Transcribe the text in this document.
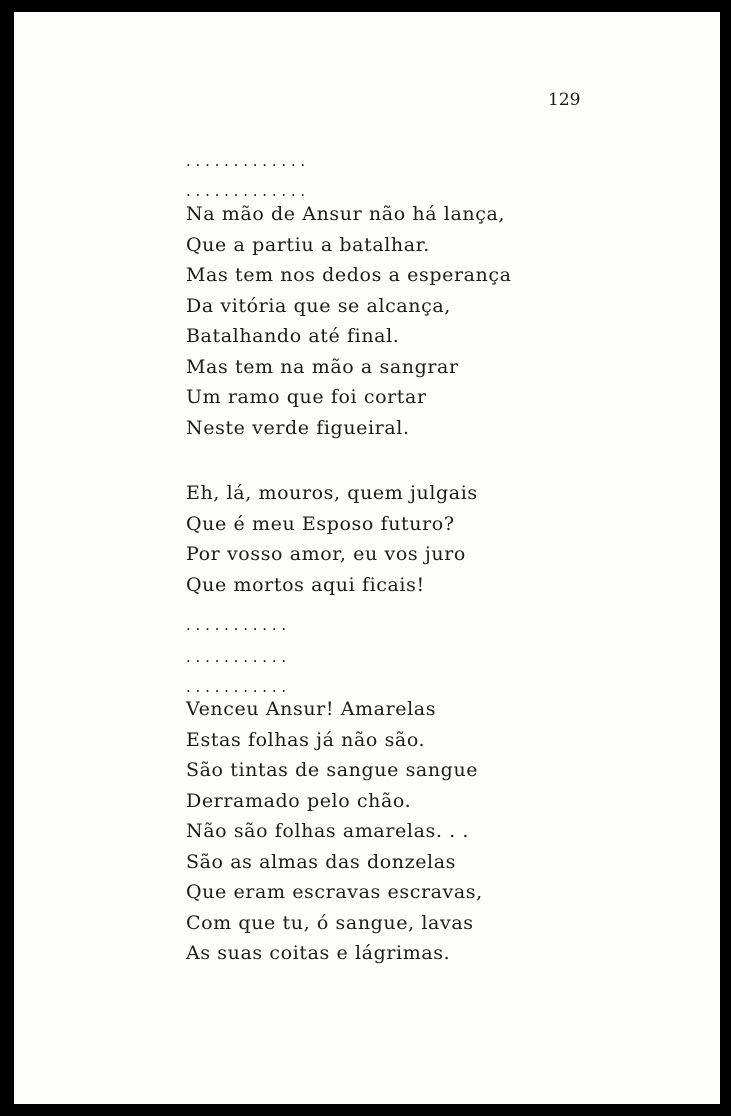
129
. . . . . . . . . . . . .
. . . . . . . . . . . . .
Na mão de Ansur não há lança,
Que a partiu a batalhar.
Mas tem nos dedos a esperança
Da vitória que se alcança,
Batalhando até final.
Mas tem na mão a sangrar
Um ramo que foi cortar
Neste verde figueiral.
Eh, lá, mouros, quem julgais
Que é meu Esposo futuro?
Por vosso amor, eu vos juro
Que mortos aqui ficais!
. . . . . . . . . . .
. . . . . . . . . . .
. . . . . . . . . . .
Venceu Ansur! Amarelas
Estas folhas já não são.
São tintas de sangue sangue
Derramado pelo chão.
Não são folhas amarelas. . .
São as almas das donzelas
Que eram escravas escravas,
Com que tu, ó sangue, lavas
As suas coitas e lágrimas.
